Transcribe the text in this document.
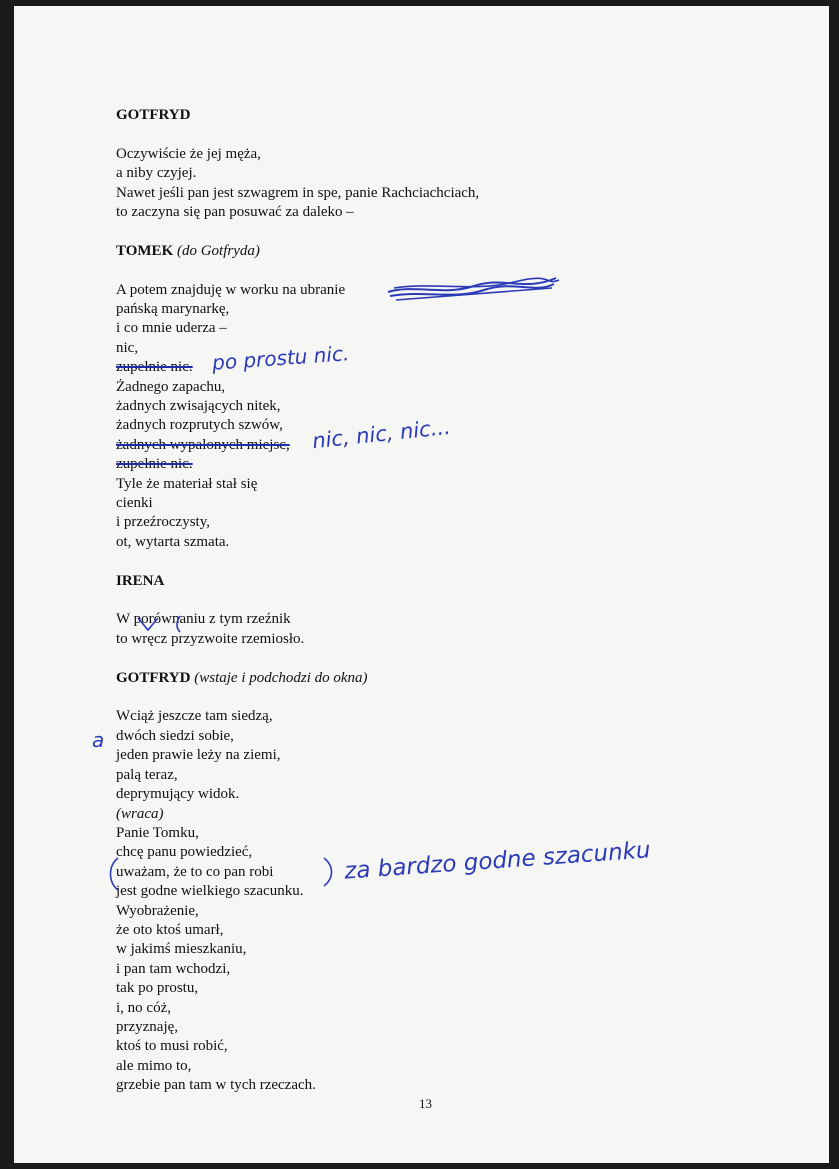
GOTFRYD

Oczywiście że jej męża,
a niby czyjej.
Nawet jeśli pan jest szwagrem in spe, panie Rachciachciach,
to zaczyna się pan posuwać za daleko –

TOMEK (do Gotfryda)

A potem znajduję w worku na ubranie
pańską marynarkę,
i co mnie uderza –
nic,
zupełnie nic.
Żadnego zapachu,
żadnych zwisających nitek,
żadnych rozprutych szwów,
żadnych wypalonych miejsc,
zupełnie nic.
Tyle że materiał stał się
cienki
i przeźroczysty,
ot, wytarta szmata.

IRENA

W porównaniu z tym rzeźnik
to wręcz przyzwoite rzemiosło.

GOTFRYD (wstaje i podchodzi do okna)

Wciąż jeszcze tam siedzą,
dwóch siedzi sobie,
jeden prawie leży na ziemi,
palą teraz,
deprymujący widok.
(wraca)
Panie Tomku,
chcę panu powiedzieć,
uważam, że to co pan robi
jest godne wielkiego szacunku.
Wyobrażenie,
że oto ktoś umarł,
w jakimś mieszkaniu,
i pan tam wchodzi,
tak po prostu,
i, no cóż,
przyznaję,
ktoś to musi robić,
ale mimo to,
grzebie pan tam w tych rzeczach.
po prostu nic.
nic, nic, nic...
za bardzo godne szacunku
a
13
